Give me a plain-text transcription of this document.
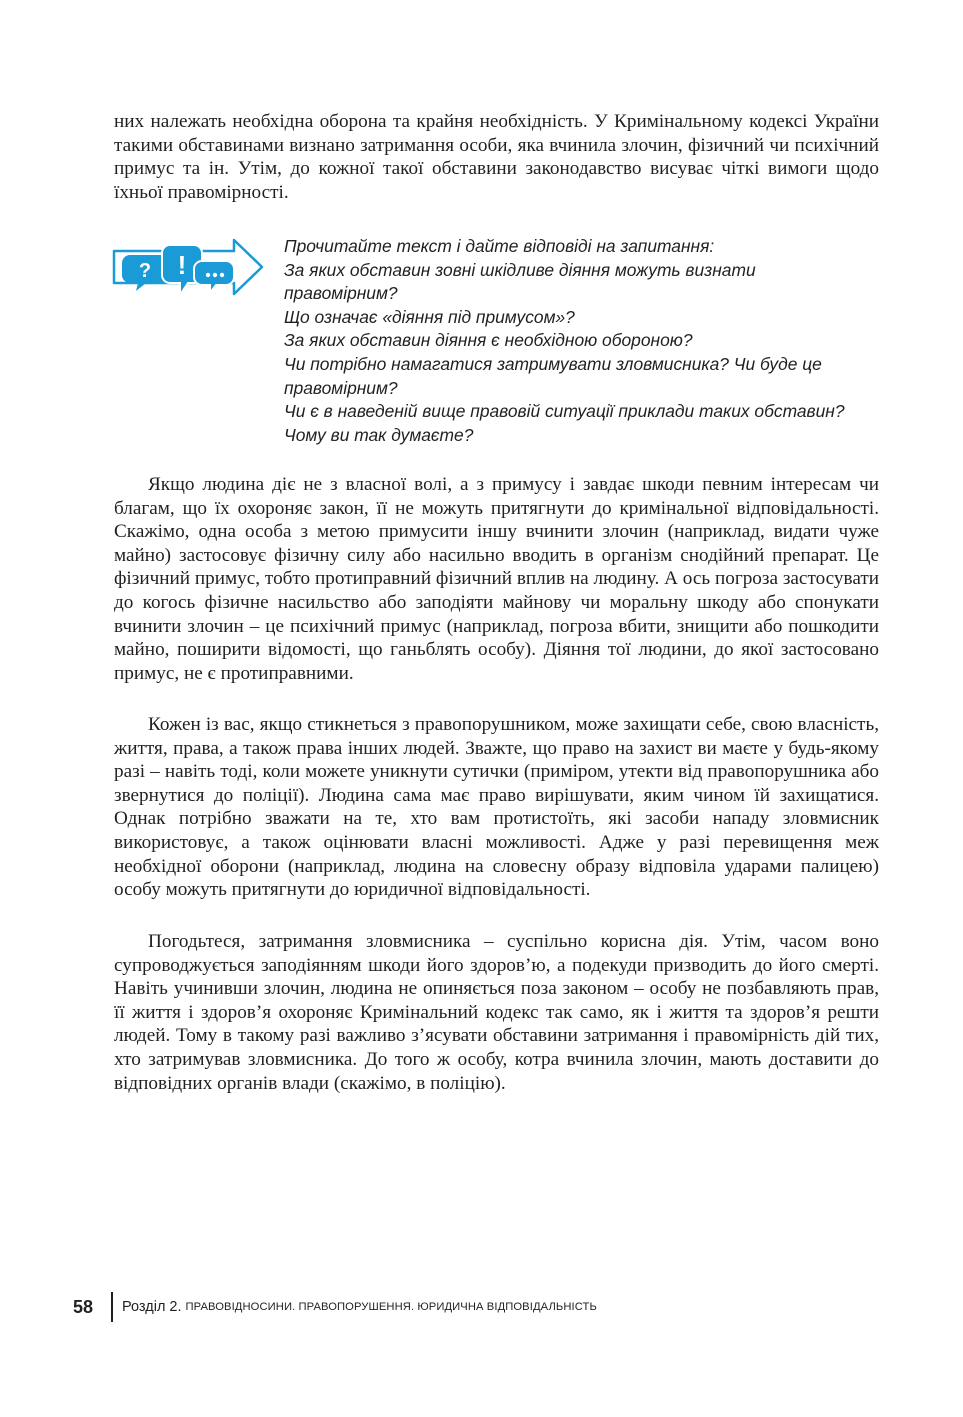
них належать необхідна оборона та крайня необхідність. У Кримінальному кодексі України такими обставинами визнано затримання особи, яка вчинила злочин, фізичний чи психічний примус та ін. Утім, до кожної такої обставини законодавство висуває чіткі вимоги щодо їхньої правомірності.

? !
Прочитайте текст і дайте відповіді на запитання:
За яких обставин зовні шкідливе діяння можуть визнати
правомірним?
Що означає «діяння під примусом»?
За яких обставин діяння є необхідною обороною?
Чи потрібно намагатися затримувати зловмисника? Чи буде це
правомірним?
Чи є в наведеній вище правовій ситуації приклади таких обставин?
Чому ви так думаєте?

Якщо людина діє не з власної волі, а з примусу і завдає шкоди певним інтересам чи благам, що їх охороняє закон, її не можуть притягнути до кримінальної відповідальності. Скажімо, одна особа з метою примусити іншу вчинити злочин (наприклад, видати чуже майно) застосовує фізичну силу або насильно вводить в організм снодійний препарат. Це фізичний примус, тобто протиправний фізичний вплив на людину. А ось погроза застосувати до когось фізичне насильство або заподіяти майнову чи моральну шкоду або спонукати вчинити злочин – це психічний примус (наприклад, погроза вбити, знищити або пошкодити майно, поширити відомості, що ганьблять особу). Діяння тої людини, до якої застосовано примус, не є протиправними.

Кожен із вас, якщо стикнеться з правопорушником, може захищати себе, свою власність, життя, права, а також права інших людей. Зважте, що право на захист ви маєте у будь-якому разі – навіть тоді, коли можете уникнути сутички (приміром, утекти від правопорушника або звернутися до поліції). Людина сама має право вирішувати, яким чином їй захищатися. Однак потрібно зважати на те, хто вам протистоїть, які засоби нападу зловмисник використовує, а також оцінювати власні можливості. Адже у разі перевищення меж необхідної оборони (наприклад, людина на словесну образу відповіла ударами палицею) особу можуть притягнути до юридичної відповідальності.

Погодьтеся, затримання зловмисника – суспільно корисна дія. Утім, часом воно супроводжується заподіянням шкоди його здоров’ю, а подекуди призводить до його смерті. Навіть учинивши злочин, людина не опиняється поза законом – особу не позбавляють прав, її життя і здоров’я охороняє Кримінальний кодекс так само, як і життя та здоров’я решти людей. Тому в такому разі важливо з’ясувати обставини затримання і правомірність дій тих, хто затримував зловмисника. До того ж особу, котра вчинила злочин, мають доставити до відповідних органів влади (скажімо, в поліцію).

58	Розділ 2. ПРАВОВІДНОСИНИ. ПРАВОПОРУШЕННЯ. ЮРИДИЧНА ВІДПОВІДАЛЬНІСТЬ
